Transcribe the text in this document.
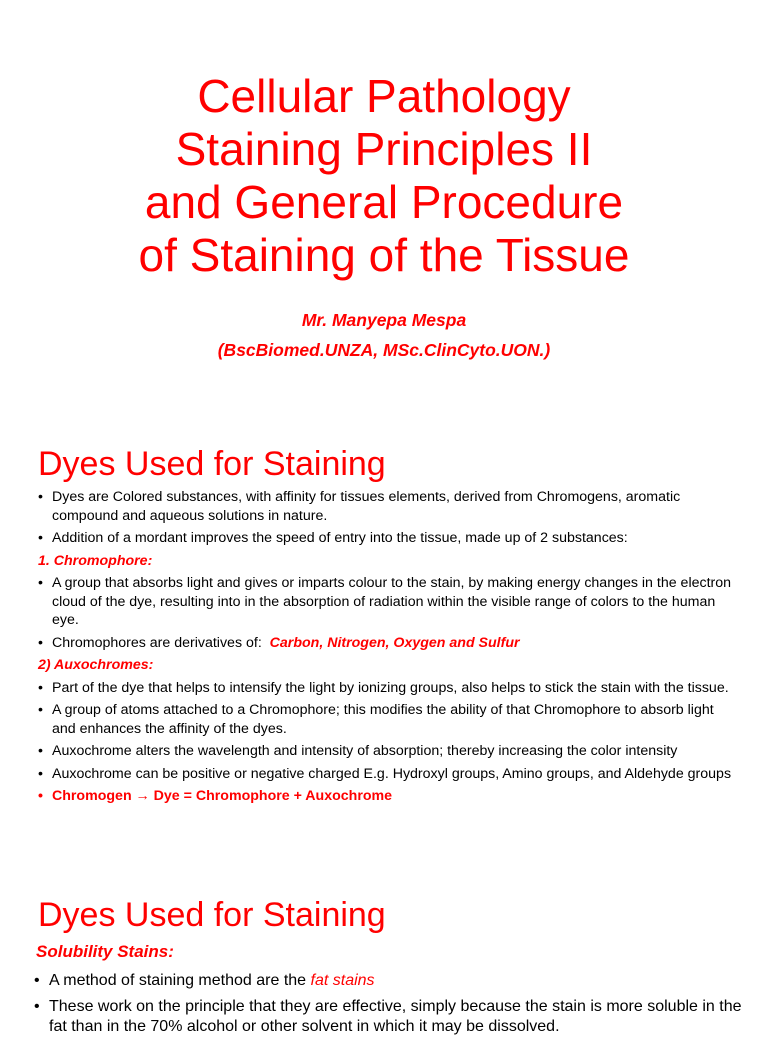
Cellular Pathology
Staining Principles II
and General Procedure
of Staining of the Tissue
Mr. Manyepa Mespa
(BscBiomed.UNZA, MSc.ClinCyto.UON.)
Dyes Used for Staining
• Dyes are Colored substances, with affinity for tissues elements, derived from Chromogens, aromatic compound and aqueous solutions in nature.
• Addition of a mordant improves the speed of entry into the tissue, made up of 2 substances:
1. Chromophore:
• A group that absorbs light and gives or imparts colour to the stain, by making energy changes in the electron cloud of the dye, resulting into in the absorption of radiation within the visible range of colors to the human eye.
• Chromophores are derivatives of: Carbon, Nitrogen, Oxygen and Sulfur
2) Auxochromes:
• Part of the dye that helps to intensify the light by ionizing groups, also helps to stick the stain with the tissue.
• A group of atoms attached to a Chromophore; this modifies the ability of that Chromophore to absorb light and enhances the affinity of the dyes.
• Auxochrome alters the wavelength and intensity of absorption; thereby increasing the color intensity
• Auxochrome can be positive or negative charged E.g. Hydroxyl groups, Amino groups, and Aldehyde groups
• Chromogen → Dye = Chromophore + Auxochrome
Dyes Used for Staining
Solubility Stains:
• A method of staining method are the fat stains
• These work on the principle that they are effective, simply because the stain is more soluble in the fat than in the 70% alcohol or other solvent in which it may be dissolved.
